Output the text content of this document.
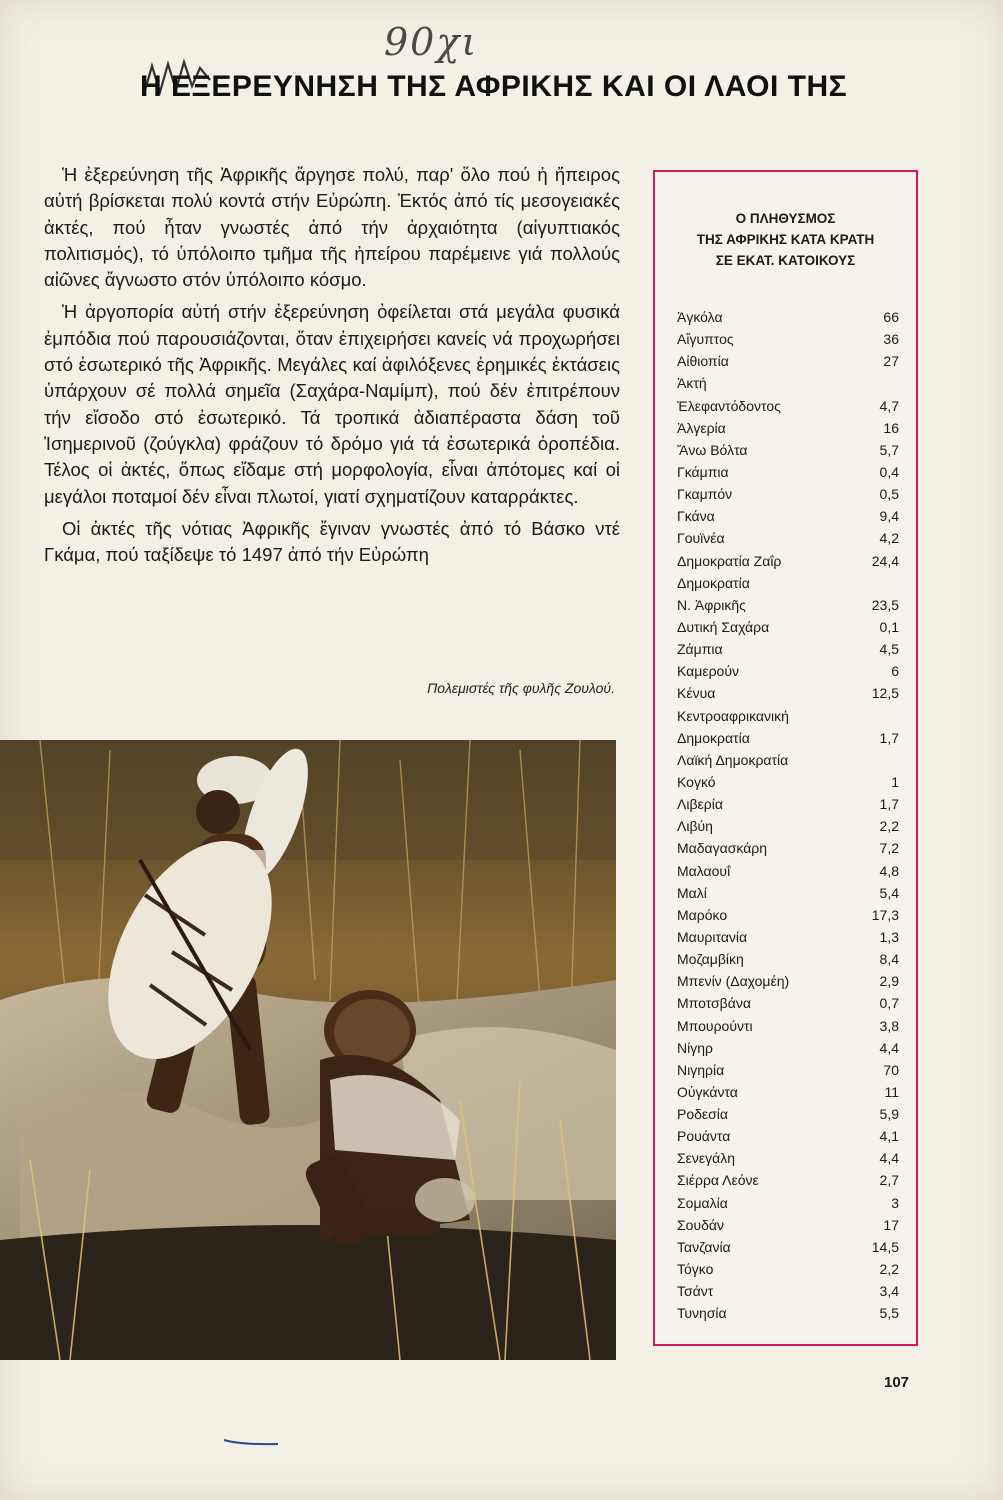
90χι
Η ΕΞΕΡΕΥΝΗΣΗ ΤΗΣ ΑΦΡΙΚΗΣ ΚΑΙ ΟΙ ΛΑΟΙ ΤΗΣ

Ἡ ἐξερεύνηση τῆς Ἀφρικῆς ἄργησε πολύ, παρ' ὅλο πού ἡ ἤπειρος αὐτή βρίσκεται πολύ κοντά στήν Εὐρώπη. Ἐκτός ἀπό τίς μεσογειακές ἀκτές, πού ἦταν γνωστές ἀπό τήν ἀρχαιότητα (αἰγυπτιακός πολιτισμός), τό ὑπόλοιπο τμῆμα τῆς ἠπείρου παρέμεινε γιά πολλούς αἰῶνες ἄγνωστο στόν ὑπόλοιπο κόσμο.

Ἡ ἀργοπορία αὐτή στήν ἐξερεύνηση ὀφείλεται στά μεγάλα φυσικά ἐμπόδια πού παρουσιάζονται, ὅταν ἐπιχειρήσει κανείς νά προχωρήσει στό ἐσωτερικό τῆς Ἀφρικῆς. Μεγάλες καί ἀφιλόξενες ἐρημικές ἐκτάσεις ὑπάρχουν σέ πολλά σημεῖα (Σαχάρα-Ναμίμπ), πού δέν ἐπιτρέπουν τήν εἴσοδο στό ἐσωτερικό. Τά τροπικά ἀδιαπέραστα δάση τοῦ Ἰσημερινοῦ (ζούγκλα) φράζουν τό δρόμο γιά τά ἐσωτερικά ὀροπέδια. Τέλος οἱ ἀκτές, ὅπως εἴδαμε στή μορφολογία, εἶναι ἀπότομες καί οἱ μεγάλοι ποταμοί δέν εἶναι πλωτοί, γιατί σχηματίζουν καταρράκτες.

Οἱ ἀκτές τῆς νότιας Ἀφρικῆς ἔγιναν γνωστές ἀπό τό Βάσκο ντέ Γκάμα, πού ταξίδεψε τό 1497 ἀπό τήν Εὐρώπη

Πολεμιστές τῆς φυλῆς Ζουλού.

Ο ΠΛΗΘΥΣΜΟΣ
ΤΗΣ ΑΦΡΙΚΗΣ ΚΑΤΑ ΚΡΑΤΗ
ΣΕ ΕΚΑΤ. ΚΑΤΟΙΚΟΥΣ
Ἀγκόλα	66
Αἴγυπτος	36
Αἰθιοπία	27
Ἀκτή
Ἐλεφαντόδοντος	4,7
Ἀλγερία	16
Ἄνω Βόλτα	5,7
Γκάμπια	0,4
Γκαμπόν	0,5
Γκάνα	9,4
Γουϊνέα	4,2
Δημοκρατία Ζαΐρ	24,4
Δημοκρατία
Ν. Ἀφρικῆς	23,5
Δυτική Σαχάρα	0,1
Ζάμπια	4,5
Καμερούν	6
Κένυα	12,5
Κεντροαφρικανική
Δημοκρατία	1,7
Λαϊκή Δημοκρατία
Κογκό	1
Λιβερία	1,7
Λιβύη	2,2
Μαδαγασκάρη	7,2
Μαλαουΐ	4,8
Μαλί	5,4
Μαρόκο	17,3
Μαυριτανία	1,3
Μοζαμβίκη	8,4
Μπενίν (Δαχομέη)	2,9
Μποτσβάνα	0,7
Μπουρούντι	3,8
Νίγηρ	4,4
Νιγηρία	70
Οὐγκάντα	11
Ροδεσία	5,9
Ρουάντα	4,1
Σενεγάλη	4,4
Σιέρρα Λεόνε	2,7
Σομαλία	3
Σουδάν	17
Τανζανία	14,5
Τόγκο	2,2
Τσάντ	3,4
Τυνησία	5,5

107
